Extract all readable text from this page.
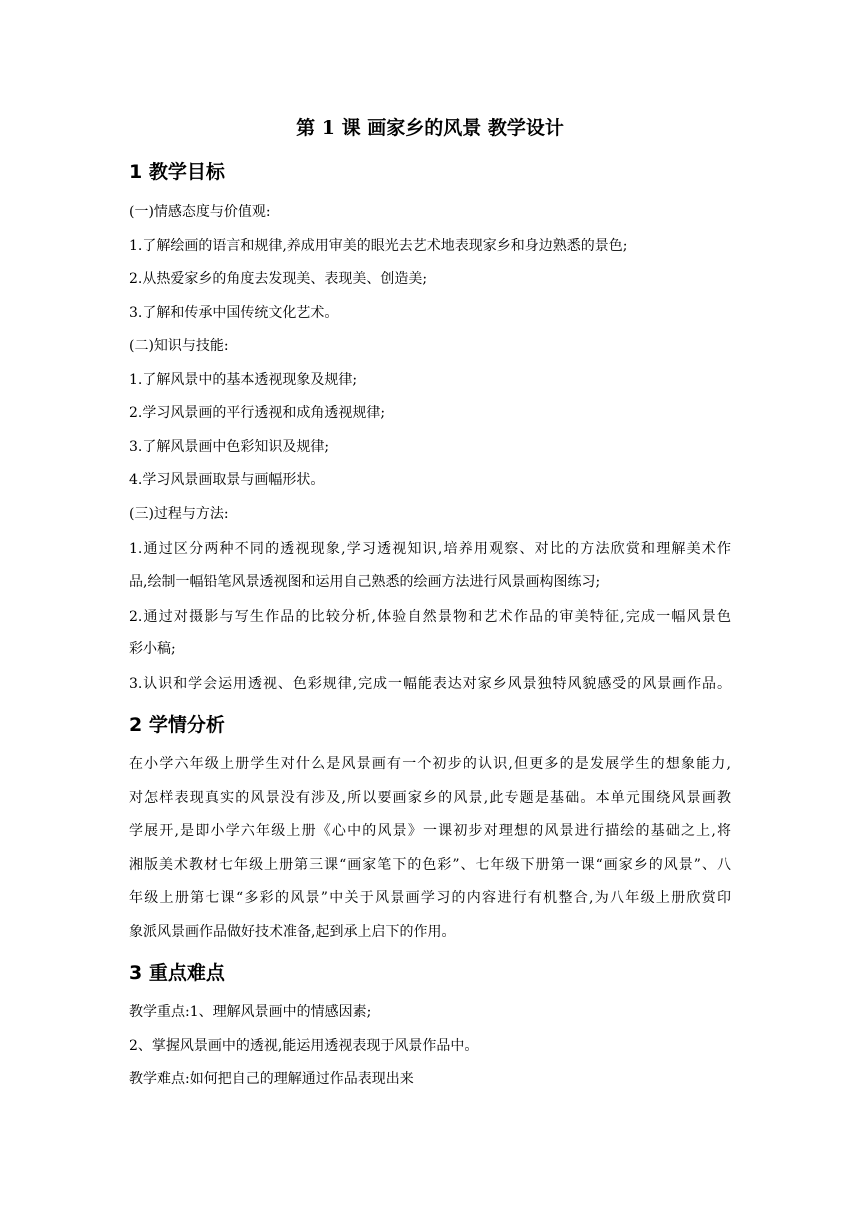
第 1 课 画家乡的风景 教学设计
1 教学目标
(一)情感态度与价值观:
1.了解绘画的语言和规律,养成用审美的眼光去艺术地表现家乡和身边熟悉的景色;
2.从热爱家乡的角度去发现美、表现美、创造美;
3.了解和传承中国传统文化艺术。
(二)知识与技能:
1.了解风景中的基本透视现象及规律;
2.学习风景画的平行透视和成角透视规律;
3.了解风景画中色彩知识及规律;
4.学习风景画取景与画幅形状。
(三)过程与方法:
1.通过区分两种不同的透视现象,学习透视知识,培养用观察、对比的方法欣赏和理解美术作
品,绘制一幅铅笔风景透视图和运用自己熟悉的绘画方法进行风景画构图练习;
2.通过对摄影与写生作品的比较分析,体验自然景物和艺术作品的审美特征,完成一幅风景色
彩小稿;
3.认识和学会运用透视、色彩规律,完成一幅能表达对家乡风景独特风貌感受的风景画作品。
2 学情分析
在小学六年级上册学生对什么是风景画有一个初步的认识,但更多的是发展学生的想象能力,
对怎样表现真实的风景没有涉及,所以要画家乡的风景,此专题是基础。本单元围绕风景画教
学展开,是即小学六年级上册《心中的风景》一课初步对理想的风景进行描绘的基础之上,将
湘版美术教材七年级上册第三课“画家笔下的色彩”、七年级下册第一课“画家乡的风景”、八
年级上册第七课“多彩的风景”中关于风景画学习的内容进行有机整合,为八年级上册欣赏印
象派风景画作品做好技术准备,起到承上启下的作用。
3 重点难点
教学重点:1、理解风景画中的情感因素;
2、掌握风景画中的透视,能运用透视表现于风景作品中。
教学难点:如何把自己的理解通过作品表现出来
